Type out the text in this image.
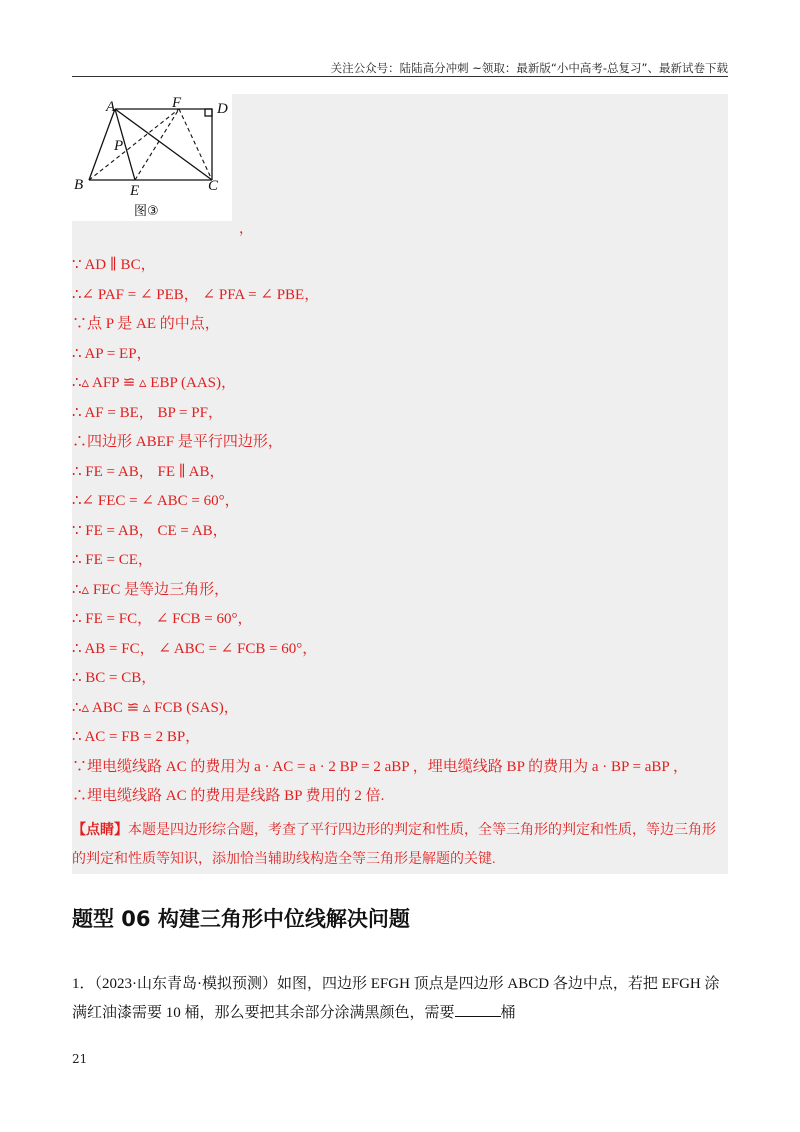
关注公众号：陆陆高分冲刺 ~领取：最新版“小中高考-总复习”、最新试卷下载
A	F D
P
B	E	C
图③
，
∵ AD ∥ BC，
∴∠ PAF = ∠ PEB， ∠ PFA = ∠ PBE，
∵点 P 是 AE 的中点，
∴ AP = EP，
∴▵ AFP ≌ ▵ EBP (AAS)，
∴ AF = BE， BP = PF，
∴四边形 ABEF 是平行四边形，
∴ FE = AB， FE ∥ AB，
∴∠ FEC = ∠ ABC = 60°，
∵ FE = AB， CE = AB，
∴ FE = CE，
∴▵ FEC 是等边三角形，
∴ FE = FC， ∠ FCB = 60°，
∴ AB = FC， ∠ ABC = ∠ FCB = 60°，
∴ BC = CB，
∴▵ ABC ≌ ▵ FCB (SAS)，
∴ AC = FB = 2 BP，
∵埋电缆线路 AC 的费用为 a · AC = a · 2 BP = 2 aBP ，埋电缆线路 BP 的费用为 a · BP = aBP ，
∴埋电缆线路 AC 的费用是线路 BP 费用的 2 倍.
【点睛】本题是四边形综合题，考查了平行四边形的判定和性质，全等三角形的判定和性质，等边三角形的判定和性质等知识，添加恰当辅助线构造全等三角形是解题的关键.
题型 06 构建三角形中位线解决问题
1．（2023·山东青岛·模拟预测）如图，四边形 EFGH 顶点是四边形 ABCD 各边中点，若把 EFGH 涂满红油漆需要 10 桶，那么要把其余部分涂满黑颜色，需要	桶
21
